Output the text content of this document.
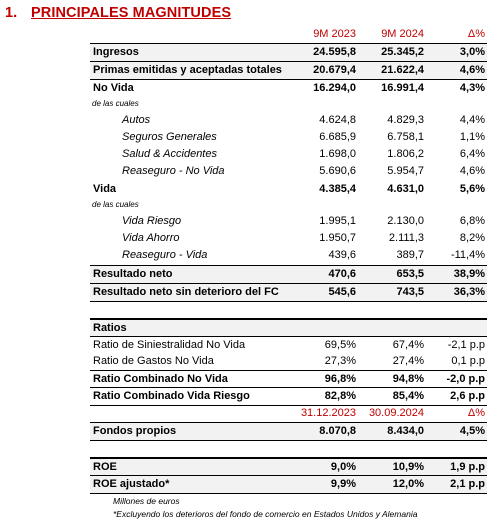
1. PRINCIPALES MAGNITUDES
9M 2023 9M 2024	Δ%
Ingresos	24.595,8 25.345,2	3,0%
Primas emitidas y aceptadas totales	20.679,4 21.622,4	4,6%
No Vida	16.294,0 16.991,4	4,3%
de las cuales
Autos	4.624,8	4.829,3	4,4%
Seguros Generales	6.685,9	6.758,1	1,1%
Salud & Accidentes	1.698,0	1.806,2	6,4%
Reaseguro - No Vida	5.690,6	5.954,7	4,6%
Vida	4.385,4	4.631,0	5,6%
de las cuales
Vida Riesgo	1.995,1	2.130,0	6,8%
Vida Ahorro	1.950,7	2.111,3	8,2%
Reaseguro - Vida	439,6	389,7 -11,4%
Resultado neto	470,6	653,5	38,9%
Resultado neto sin deterioro del FC	545,6	743,5	36,3%
Ratios
Ratio de Siniestralidad No Vida	69,5%	67,4% -2,1 p.p
Ratio de Gastos No Vida	27,3%	27,4% 0,1 p.p
Ratio Combinado No Vida	96,8%	94,8% -2,0 p.p
Ratio Combinado Vida Riesgo	82,8%	85,4% 2,6 p.p
31.12.2023 30.09.2024	Δ%
Fondos propios	8.070,8	8.434,0	4,5%
ROE	9,0%	10,9% 1,9 p.p
ROE ajustado*	9,9%	12,0% 2,1 p.p
Millones de euros
*Excluyendo los deterioros del fondo de comercio en Estados Unidos y Alemania
